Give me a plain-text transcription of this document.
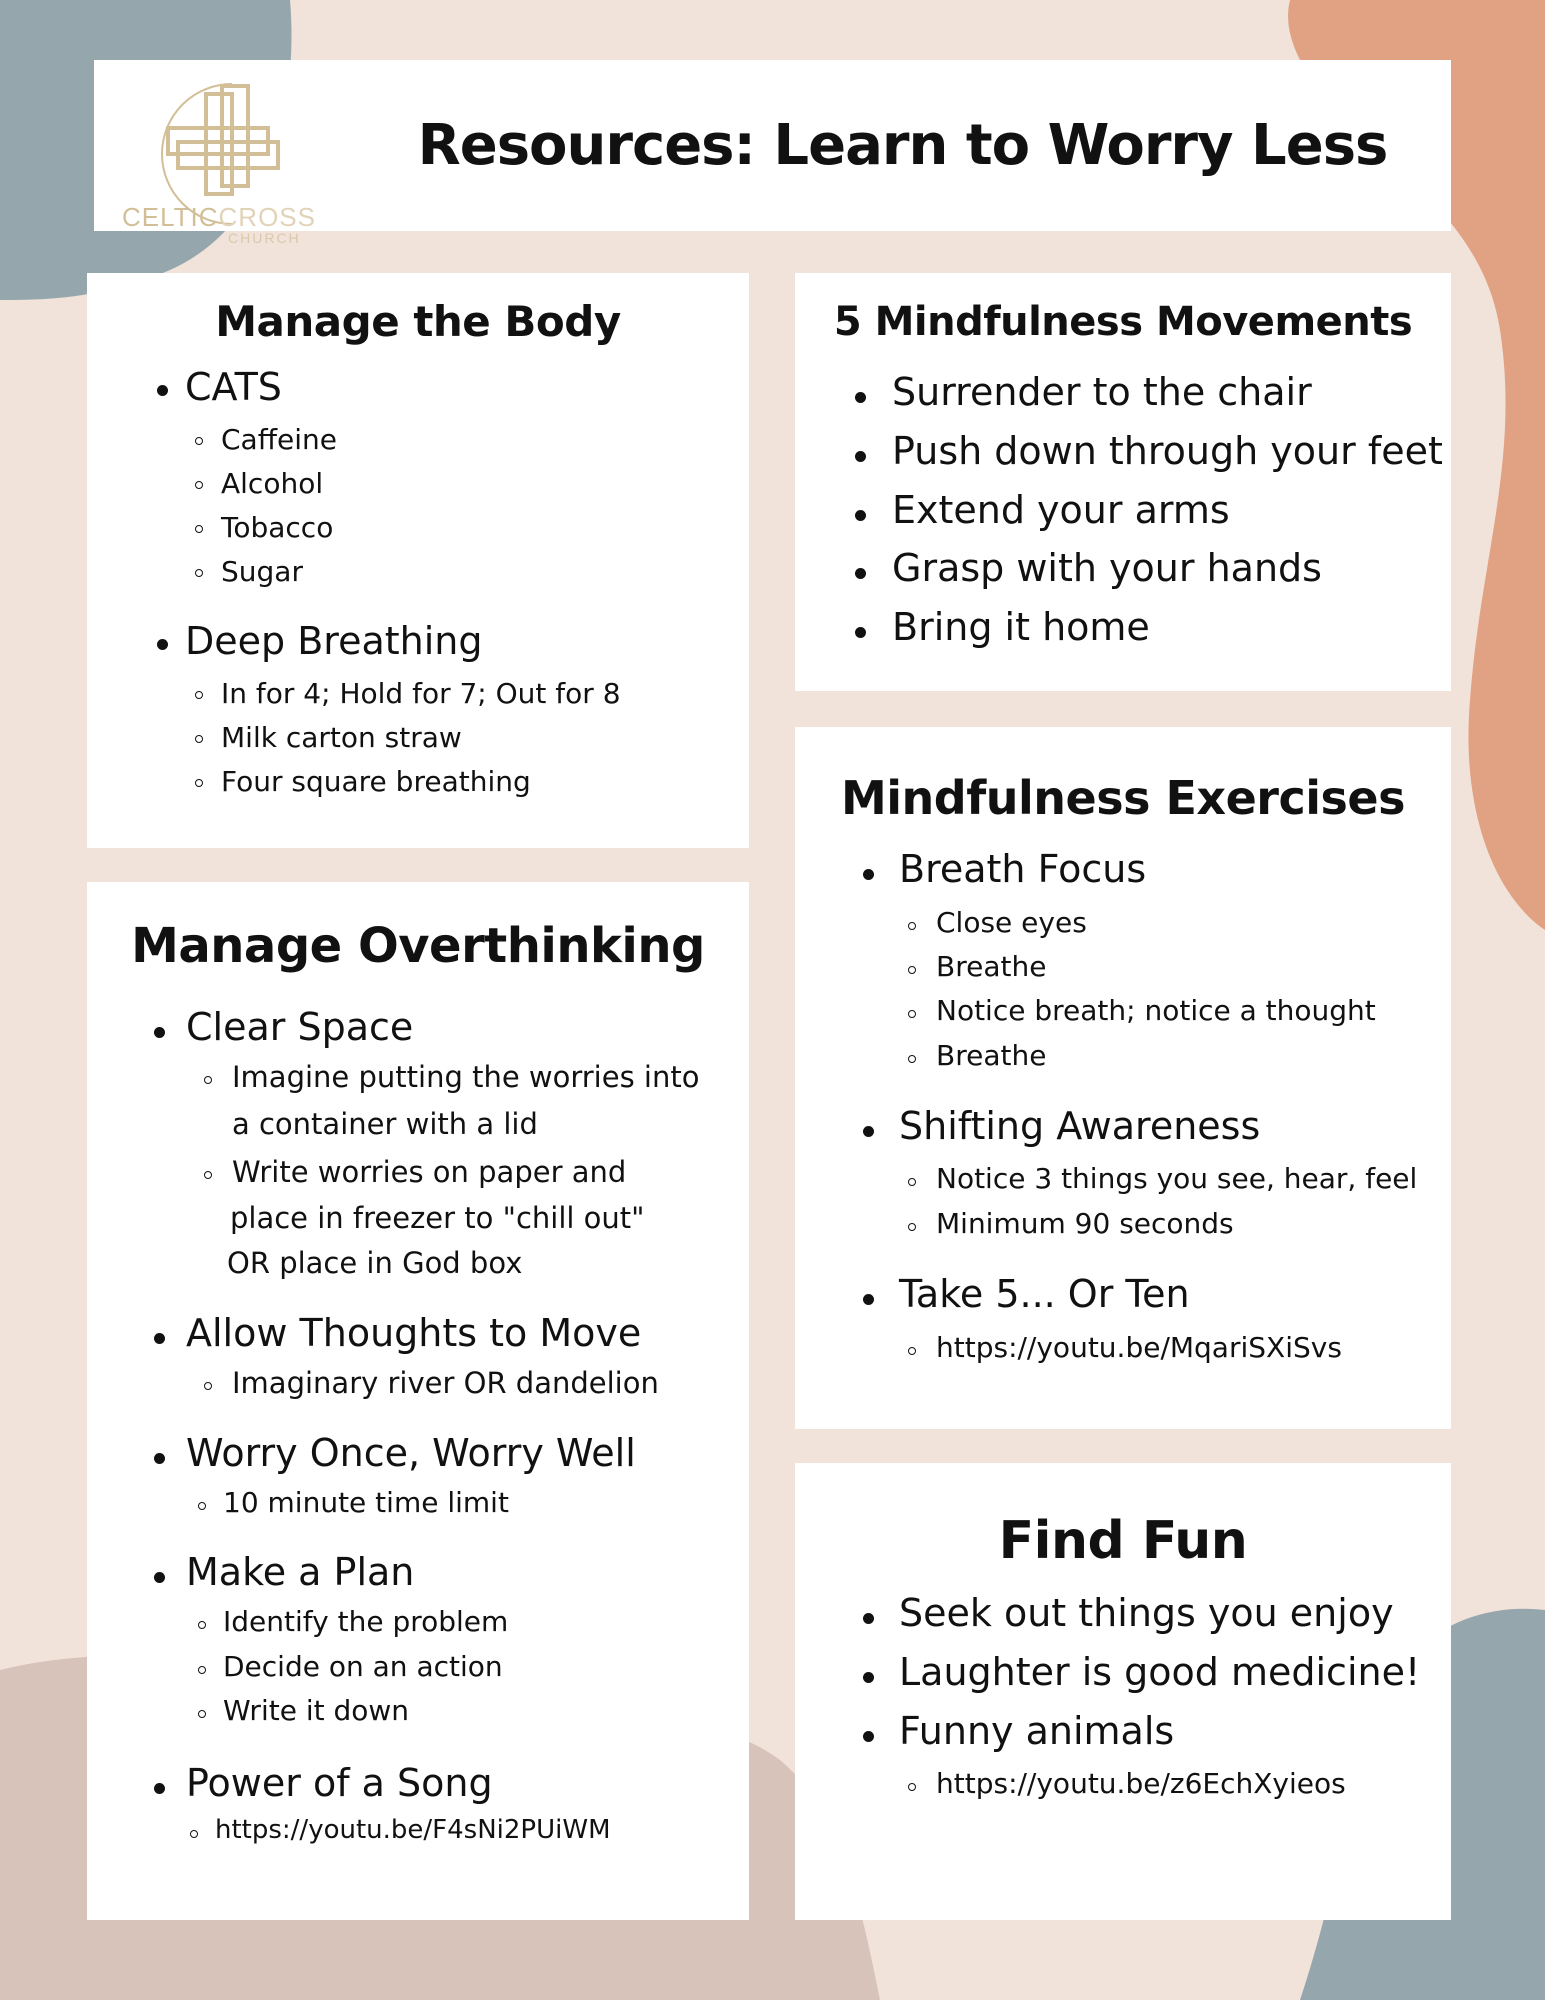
CELTICCROSS
CHURCH
Resources: Learn to Worry Less
Manage the Body
CATS
Caffeine
Alcohol
Tobacco
Sugar
Deep Breathing
In for 4; Hold for 7; Out for 8
Milk carton straw
Four square breathing
Manage Overthinking
Clear Space
Imagine putting the worries into
a container with a lid
Write worries on paper and
place in freezer to "chill out"
OR place in God box
Allow Thoughts to Move
Imaginary river OR dandelion
Worry Once, Worry Well
10 minute time limit
Make a Plan
Identify the problem
Decide on an action
Write it down
Power of a Song
https://youtu.be/F4sNi2PUiWM
5 Mindfulness Movements
Surrender to the chair
Push down through your feet
Extend your arms
Grasp with your hands
Bring it home
Mindfulness Exercises
Breath Focus
Close eyes
Breathe
Notice breath; notice a thought
Breathe
Shifting Awareness
Notice 3 things you see, hear, feel
Minimum 90 seconds
Take 5... Or Ten
https://youtu.be/MqariSXiSvs
Find Fun
Seek out things you enjoy
Laughter is good medicine!
Funny animals
https://youtu.be/z6EchXyieos
